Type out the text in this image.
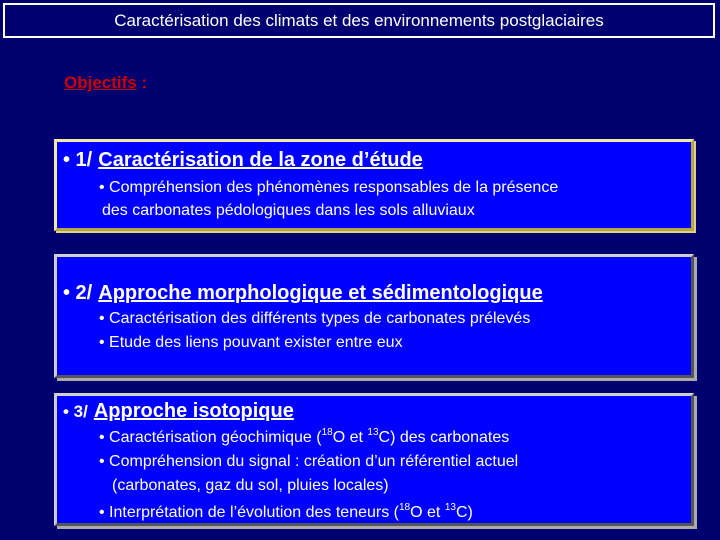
Caractérisation des climats et des environnements postglaciaires

Objectifs :

• 1/ Caractérisation de la zone d’étude
• Compréhension des phénomènes responsables de la présence
des carbonates pédologiques dans les sols alluviaux
• 2/ Approche morphologique et sédimentologique
• Caractérisation des différents types de carbonates prélevés
• Etude des liens pouvant exister entre eux
• 3/ Approche isotopique
• Caractérisation géochimique ($^{18}$O et $^{13}$C) des carbonates
• Compréhension du signal : création d’un référentiel actuel
(carbonates, gaz du sol, pluies locales)
• Interprétation de l’évolution des teneurs ($^{18}$O et $^{13}$C)
